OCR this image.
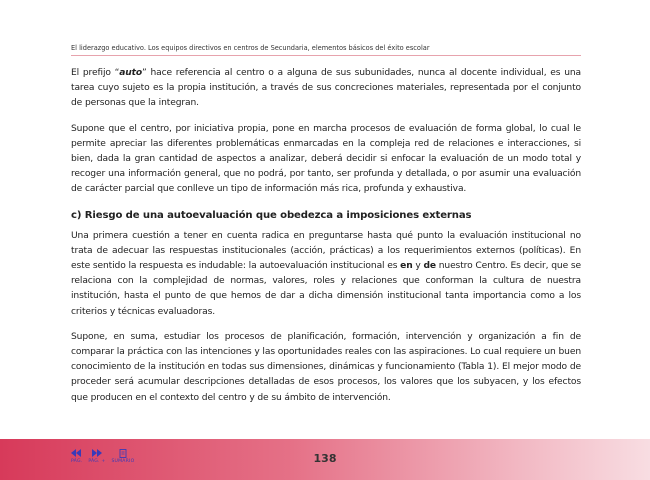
El liderazgo educativo. Los equipos directivos en centros de Secundaria, elementos básicos del éxito escolar

El prefijo “auto” hace referencia al centro o a alguna de sus subunidades, nunca al docente individual, es una tarea cuyo sujeto es la propia institución, a través de sus concreciones materiales, representada por el conjunto de personas que la integran.

Supone que el centro, por iniciativa propia, pone en marcha procesos de evaluación de forma global, lo cual le permite apreciar las diferentes problemáticas enmarcadas en la compleja red de relaciones e interacciones, si bien, dada la gran cantidad de aspectos a analizar, deberá decidir si enfocar la evaluación de un modo total y recoger una información general, que no podrá, por tanto, ser profunda y detallada, o por asumir una evaluación de carácter parcial que conlleve un tipo de información más rica, profunda y exhaustiva.

c) Riesgo de una autoevaluación que obedezca a imposiciones externas

Una primera cuestión a tener en cuenta radica en preguntarse hasta qué punto la evaluación institucional no trata de adecuar las respuestas institucionales (acción, prácticas) a los requerimientos externos (políticas). En este sentido la respuesta es indudable: la autoevaluación institucional es en y de nuestro Centro. Es decir, que se relaciona con la complejidad de normas, valores, roles y relaciones que conforman la cultura de nuestra institución, hasta el punto de que hemos de dar a dicha dimensión institucional tanta importancia como a los criterios y técnicas evaluadoras.

Supone, en suma, estudiar los procesos de planificación, formación, intervención y organización a fin de comparar la práctica con las intenciones y las oportunidades reales con las aspiraciones. Lo cual requiere un buen conocimiento de la institución en todas sus dimensiones, dinámicas y funcionamiento (Tabla 1). El mejor modo de proceder será acumular descripciones detalladas de esos procesos, los valores que los subyacen, y los efectos que producen en el contexto del centro y de su ámbito de intervención.

PÁG. PÁG. + SUMARIO	138
